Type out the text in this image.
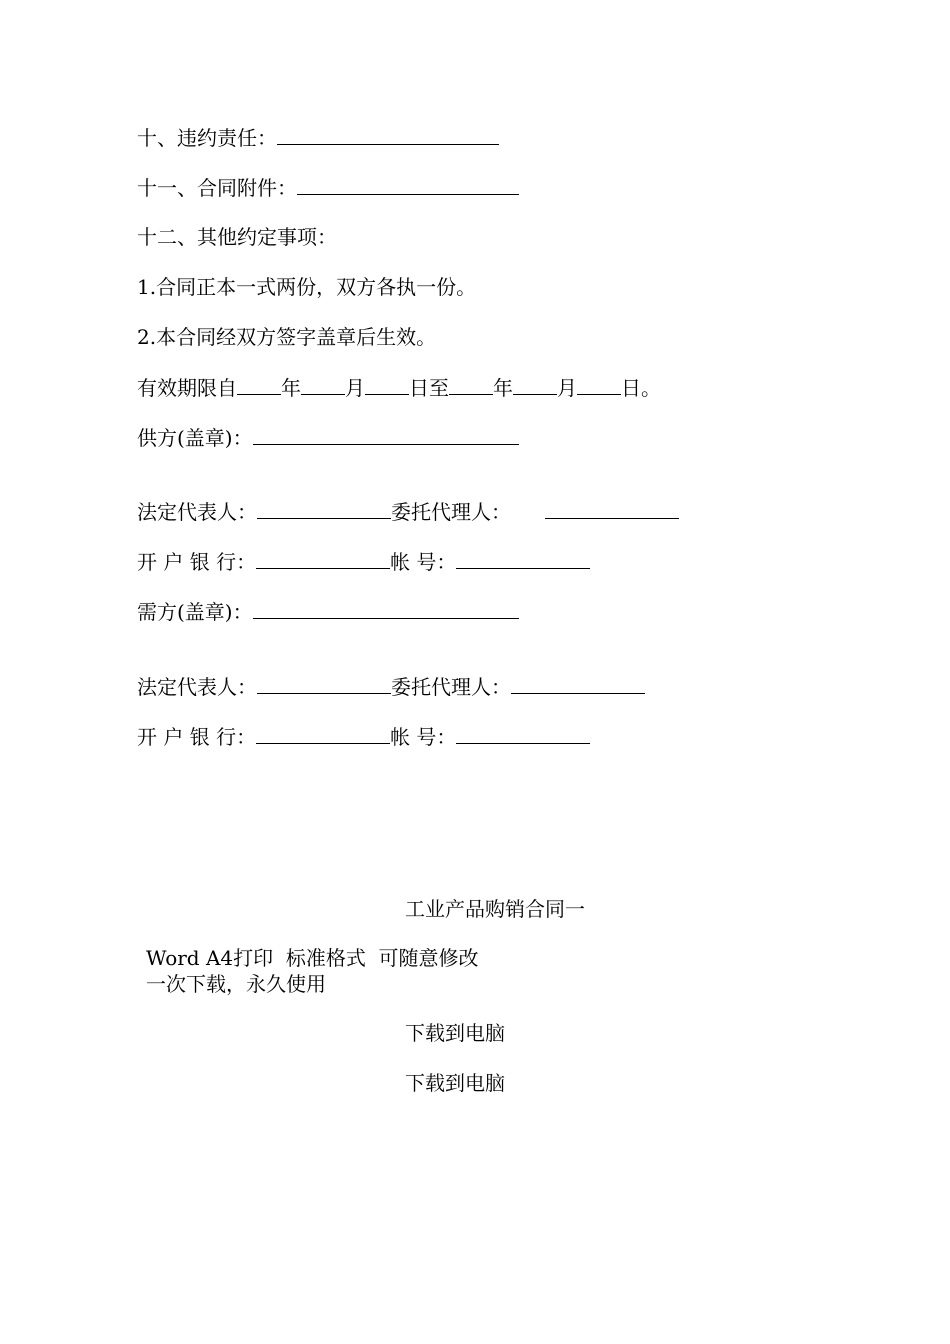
十、违约责任：
十一、合同附件：
十二、其他约定事项：
1.合同正本一式两份，双方各执一份。
2.本合同经双方签字盖章后生效。
有效期限自 年 月 日至 年 月 日。
供方(盖章)：
法定代表人：	委托代理人：
开 户 银 行：	帐 号：
需方(盖章)：
法定代表人：	委托代理人：
开 户 银 行：	帐 号：
工业产品购销合同一
Word A4打印  标准格式  可随意修改
一次下载，永久使用
下载到电脑
下载到电脑
